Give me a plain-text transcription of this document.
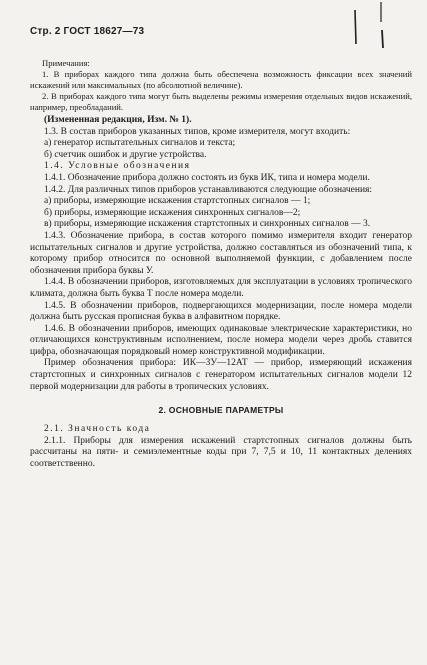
Стр. 2 ГОСТ 18627—73

Примечания:

1. В приборах каждого типа должна быть обеспечена возможность фиксации всех значений искажений или максимальных (по абсолютной величине).

2. В приборах каждого типа могут быть выделены режимы измерения отдельных видов искажений, например, преобладаний.

(Измененная редакция, Изм. № 1).

1.3. В состав приборов указанных типов, кроме измерителя, могут входить:

а) генератор испытательных сигналов и текста;

б) счетчик ошибок и другие устройства.

1.4. Условные обозначения

1.4.1. Обозначение прибора должно состоять из букв ИК, типа и номера модели.

1.4.2. Для различных типов приборов устанавливаются следующие обозначения:

а) приборы, измеряющие искажения стартстопных сигналов — 1;

б) приборы, измеряющие искажения синхронных сигналов—2;

в) приборы, измеряющие искажения стартстопных и синхронных сигналов — 3.

1.4.3. Обозначение прибора, в состав которого помимо измерителя входит генератор испытательных сигналов и другие устройства, должно составляться из обозначений типа, к которому прибор относится по основной выполняемой функции, с добавлением после обозначения прибора буквы У.

1.4.4. В обозначении приборов, изготовляемых для эксплуатации в условиях тропического климата, должна быть буква Т после номера модели.

1.4.5. В обозначении приборов, подвергающихся модернизации, после номера модели должна быть русская прописная буква в алфавитном порядке.

1.4.6. В обозначении приборов, имеющих одинаковые электрические характеристики, но отличающихся конструктивным исполнением, после номера модели через дробь ставится цифра, обозначающая порядковый номер конструктивной модификации.

Пример обозначения прибора: ИК—3У—12АТ — прибор, измеряющий искажения стартстопных и синхронных сигналов с генератором испытательных сигналов модели 12 первой модернизации для работы в тропических условиях.

2. ОСНОВНЫЕ ПАРАМЕТРЫ

2.1. Значность кода

2.1.1. Приборы для измерения искажений стартстопных сигналов должны быть рассчитаны на пяти- и семиэлементные коды при 7, 7,5 и 10, 11 контактных делениях соответственно.
